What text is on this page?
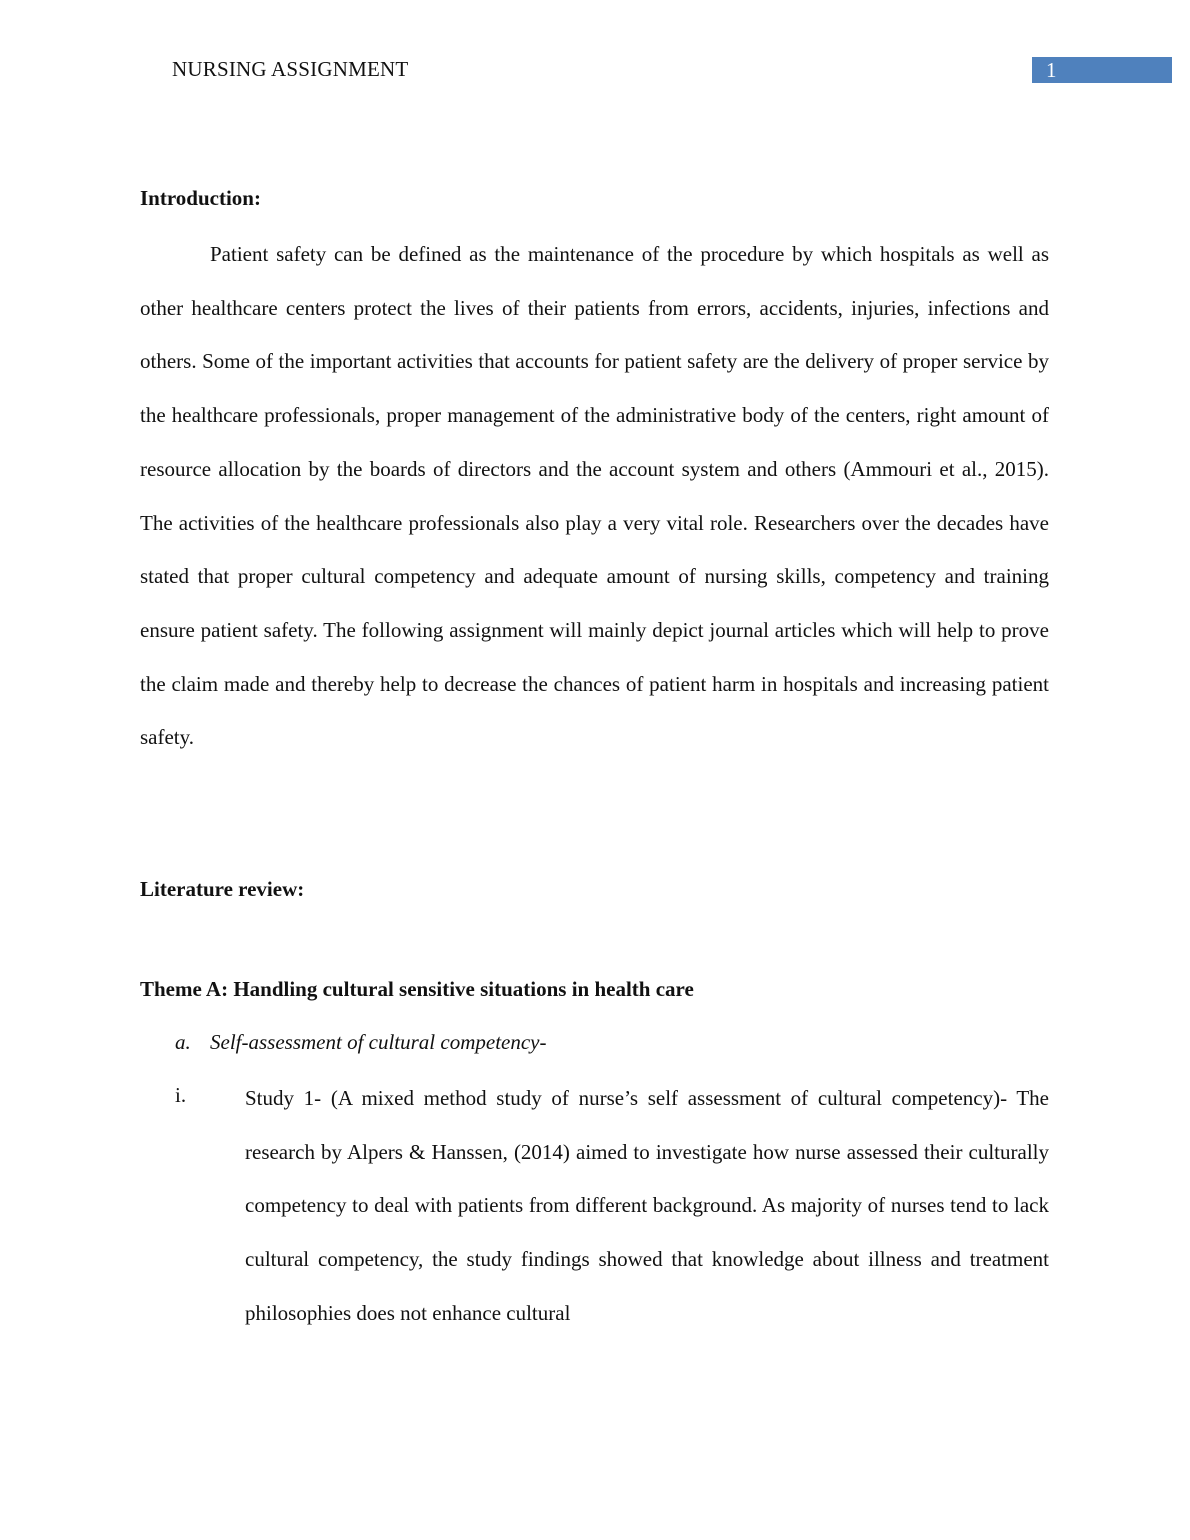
NURSING ASSIGNMENT	1
Introduction:

Patient safety can be defined as the maintenance of the procedure by which hospitals as well as other healthcare centers protect the lives of their patients from errors, accidents, injuries, infections and others. Some of the important activities that accounts for patient safety are the delivery of proper service by the healthcare professionals, proper management of the administrative body of the centers, right amount of resource allocation by the boards of directors and the account system and others (Ammouri et al., 2015). The activities of the healthcare professionals also play a very vital role. Researchers over the decades have stated that proper cultural competency and adequate amount of nursing skills, competency and training ensure patient safety. The following assignment will mainly depict journal articles which will help to prove the claim made and thereby help to decrease the chances of patient harm in hospitals and increasing patient safety.

Literature review:
Theme A: Handling cultural sensitive situations in health care
a. Self-assessment of cultural competency-
i.	Study 1- (A mixed method study of nurse’s self assessment of cultural competency)- The research by Alpers & Hanssen, (2014) aimed to investigate how nurse assessed their culturally competency to deal with patients from different background. As majority of nurses tend to lack cultural competency, the study findings showed that knowledge about illness and treatment philosophies does not enhance cultural
